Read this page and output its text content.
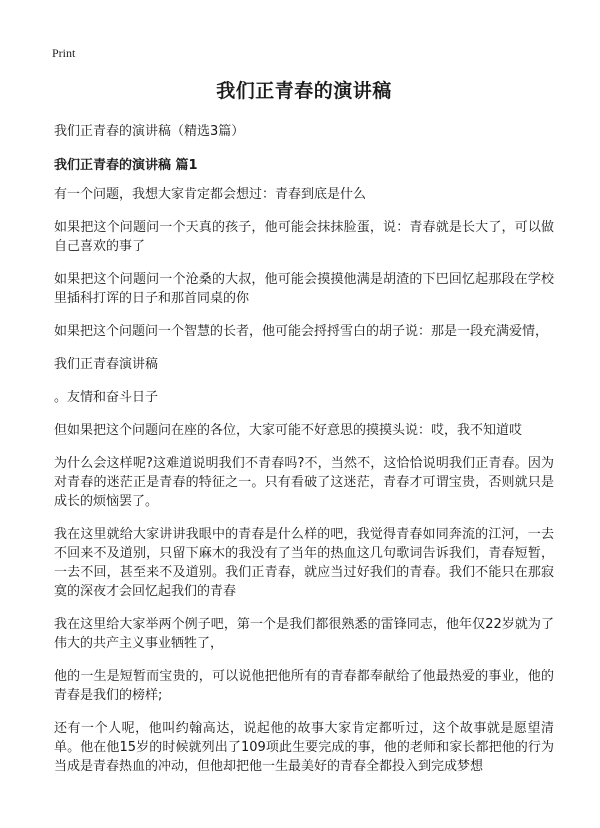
Print
我们正青春的演讲稿
我们正青春的演讲稿（精选3篇）
我们正青春的演讲稿 篇1

有一个问题，我想大家肯定都会想过：青春到底是什么

如果把这个问题问一个天真的孩子，他可能会抹抹脸蛋，说：青春就是长大了，可以做自己喜欢的事了

如果把这个问题问一个沧桑的大叔，他可能会摸摸他满是胡渣的下巴回忆起那段在学校里插科打诨的日子和那首同桌的你

如果把这个问题问一个智慧的长者，他可能会捋捋雪白的胡子说：那是一段充满爱情，

我们正青春演讲稿

。友情和奋斗日子

但如果把这个问题问在座的各位，大家可能不好意思的摸摸头说：哎，我不知道哎

为什么会这样呢?这难道说明我们不青春吗?不，当然不，这恰恰说明我们正青春。因为对青春的迷茫正是青春的特征之一。只有看破了这迷茫，青春才可谓宝贵，否则就只是成长的烦恼罢了。

我在这里就给大家讲讲我眼中的青春是什么样的吧，我觉得青春如同奔流的江河，一去不回来不及道别，只留下麻木的我没有了当年的热血这几句歌词告诉我们，青春短暂，一去不回，甚至来不及道别。我们正青春，就应当过好我们的青春。我们不能只在那寂寞的深夜才会回忆起我们的青春

我在这里给大家举两个例子吧，第一个是我们都很熟悉的雷锋同志，他年仅22岁就为了伟大的共产主义事业牺牲了，

他的一生是短暂而宝贵的，可以说他把他所有的青春都奉献给了他最热爱的事业，他的青春是我们的榜样;

还有一个人呢，他叫约翰高达，说起他的故事大家肯定都听过，这个故事就是愿望清单。他在他15岁的时候就列出了109项此生要完成的事，他的老师和家长都把他的行为当成是青春热血的冲动，但他却把他一生最美好的青春全都投入到完成梦想
